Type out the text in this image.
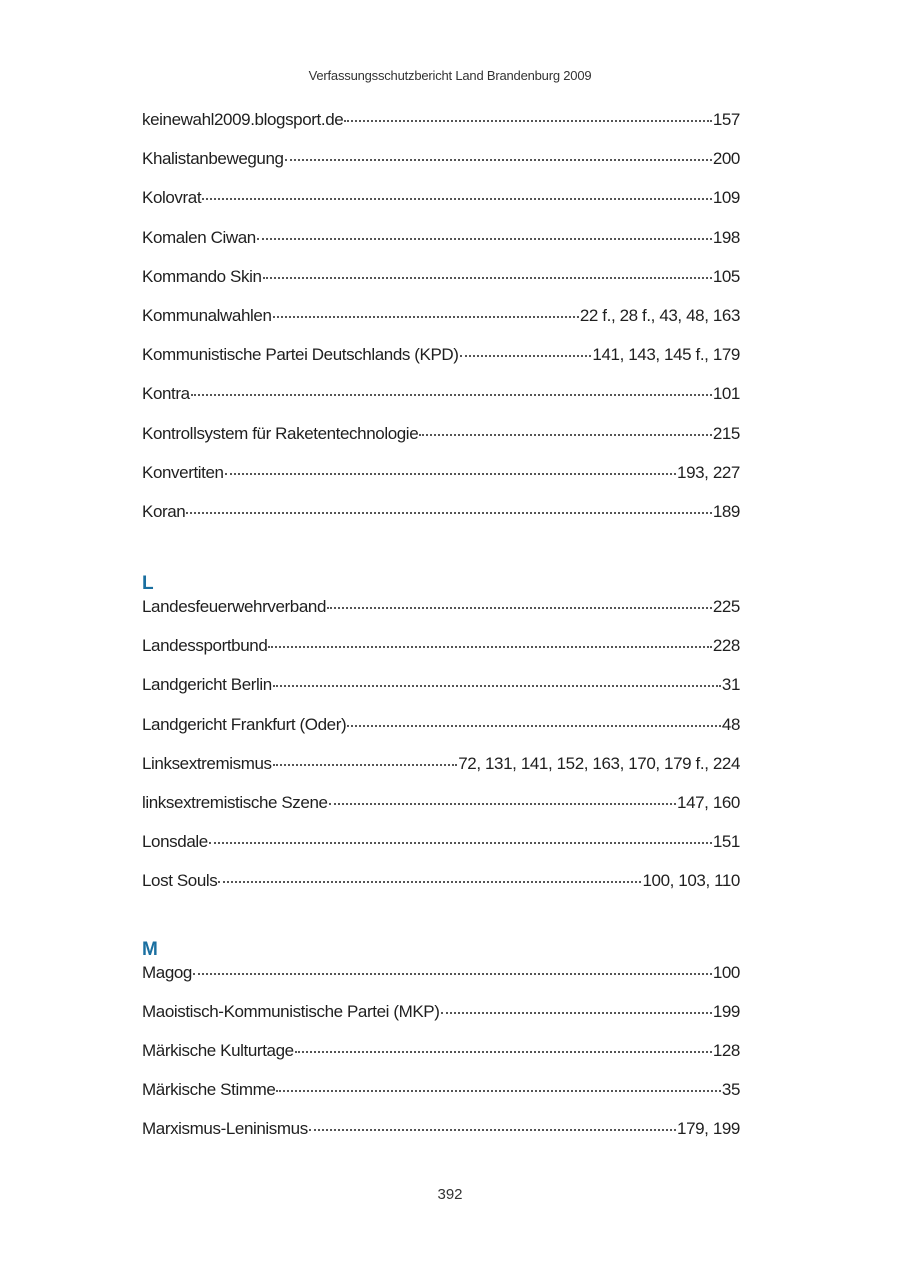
Verfassungsschutzbericht Land Brandenburg 2009
keinewahl2009.blogsport.de	157
Khalistanbewegung	200
Kolovrat	109
Komalen Ciwan	198
Kommando Skin	105
Kommunalwahlen	22 f., 28 f., 43, 48, 163
Kommunistische Partei Deutschlands (KPD)	141, 143, 145 f., 179
Kontra	101
Kontrollsystem für Raketentechnologie	215
Konvertiten	193, 227
Koran	189
L
Landesfeuerwehrverband	225
Landessportbund	228
Landgericht Berlin	31
Landgericht Frankfurt (Oder)	48
Linksextremismus	72, 131, 141, 152, 163, 170, 179 f., 224
linksextremistische Szene	147, 160
Lonsdale	151
Lost Souls	100, 103, 110
M
Magog	100
Maoistisch-Kommunistische Partei (MKP)	199
Märkische Kulturtage	128
Märkische Stimme	35
Marxismus-Leninismus	179, 199
392
